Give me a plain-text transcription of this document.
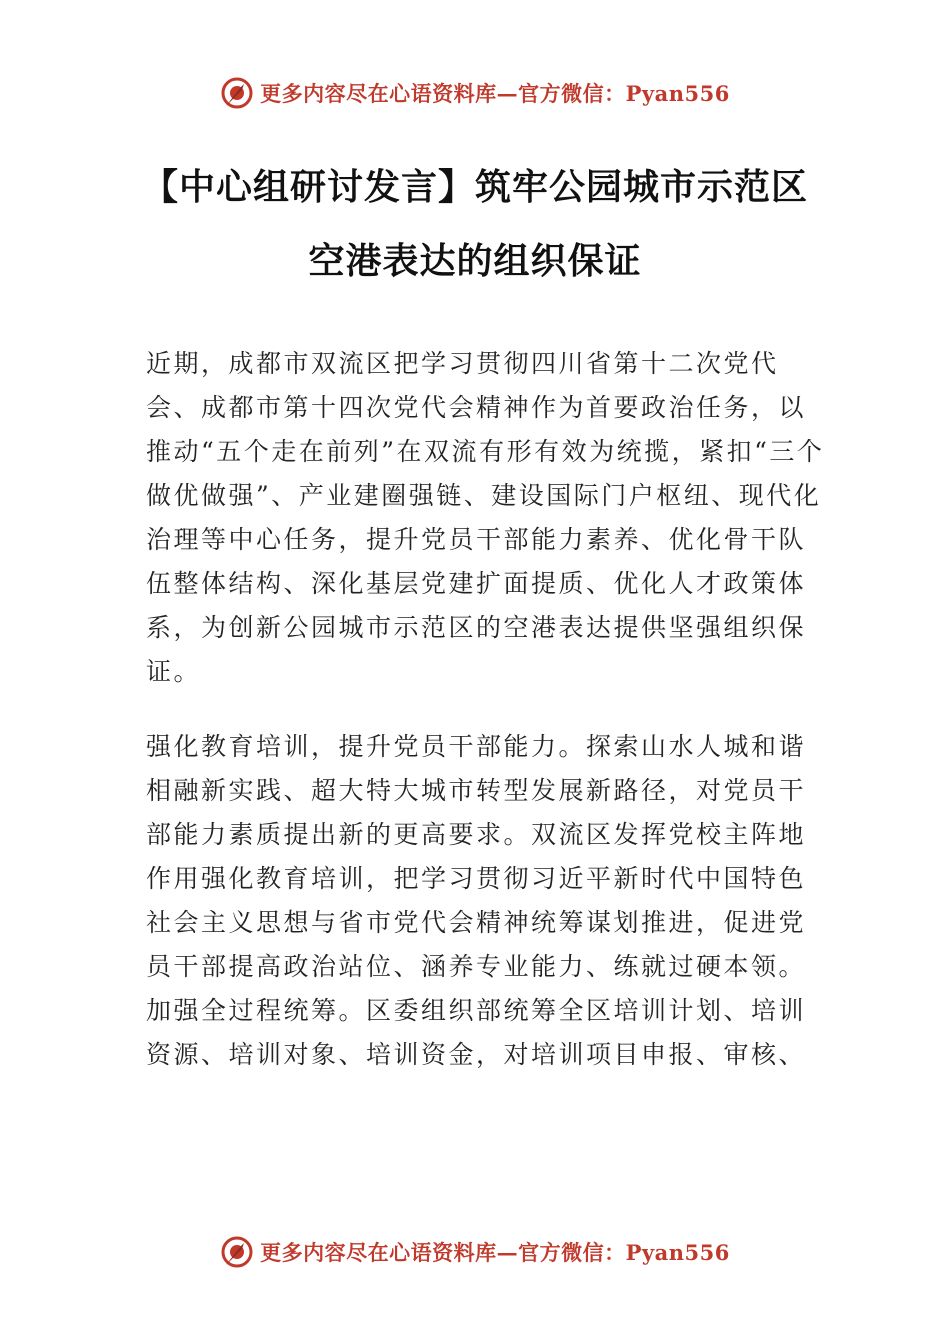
更多内容尽在心语资料库—官方微信：Pyan556
【中心组研讨发言】筑牢公园城市示范区空港表达的组织保证

近期，成都市双流区把学习贯彻四川省第十二次党代会、成都市第十四次党代会精神作为首要政治任务，以推动“五个走在前列”在双流有形有效为统揽，紧扣“三个做优做强”、产业建圈强链、建设国际门户枢纽、现代化治理等中心任务，提升党员干部能力素养、优化骨干队伍整体结构、深化基层党建扩面提质、优化人才政策体系，为创新公园城市示范区的空港表达提供坚强组织保证。

强化教育培训，提升党员干部能力。探索山水人城和谐相融新实践、超大特大城市转型发展新路径，对党员干部能力素质提出新的更高要求。双流区发挥党校主阵地作用强化教育培训，把学习贯彻习近平新时代中国特色社会主义思想与省市党代会精神统筹谋划推进，促进党员干部提高政治站位、涵养专业能力、练就过硬本领。加强全过程统筹。区委组织部统筹全区培训计划、培训资源、培训对象、培训资金，对培训项目申报、审核、

更多内容尽在心语资料库—官方微信：Pyan556
